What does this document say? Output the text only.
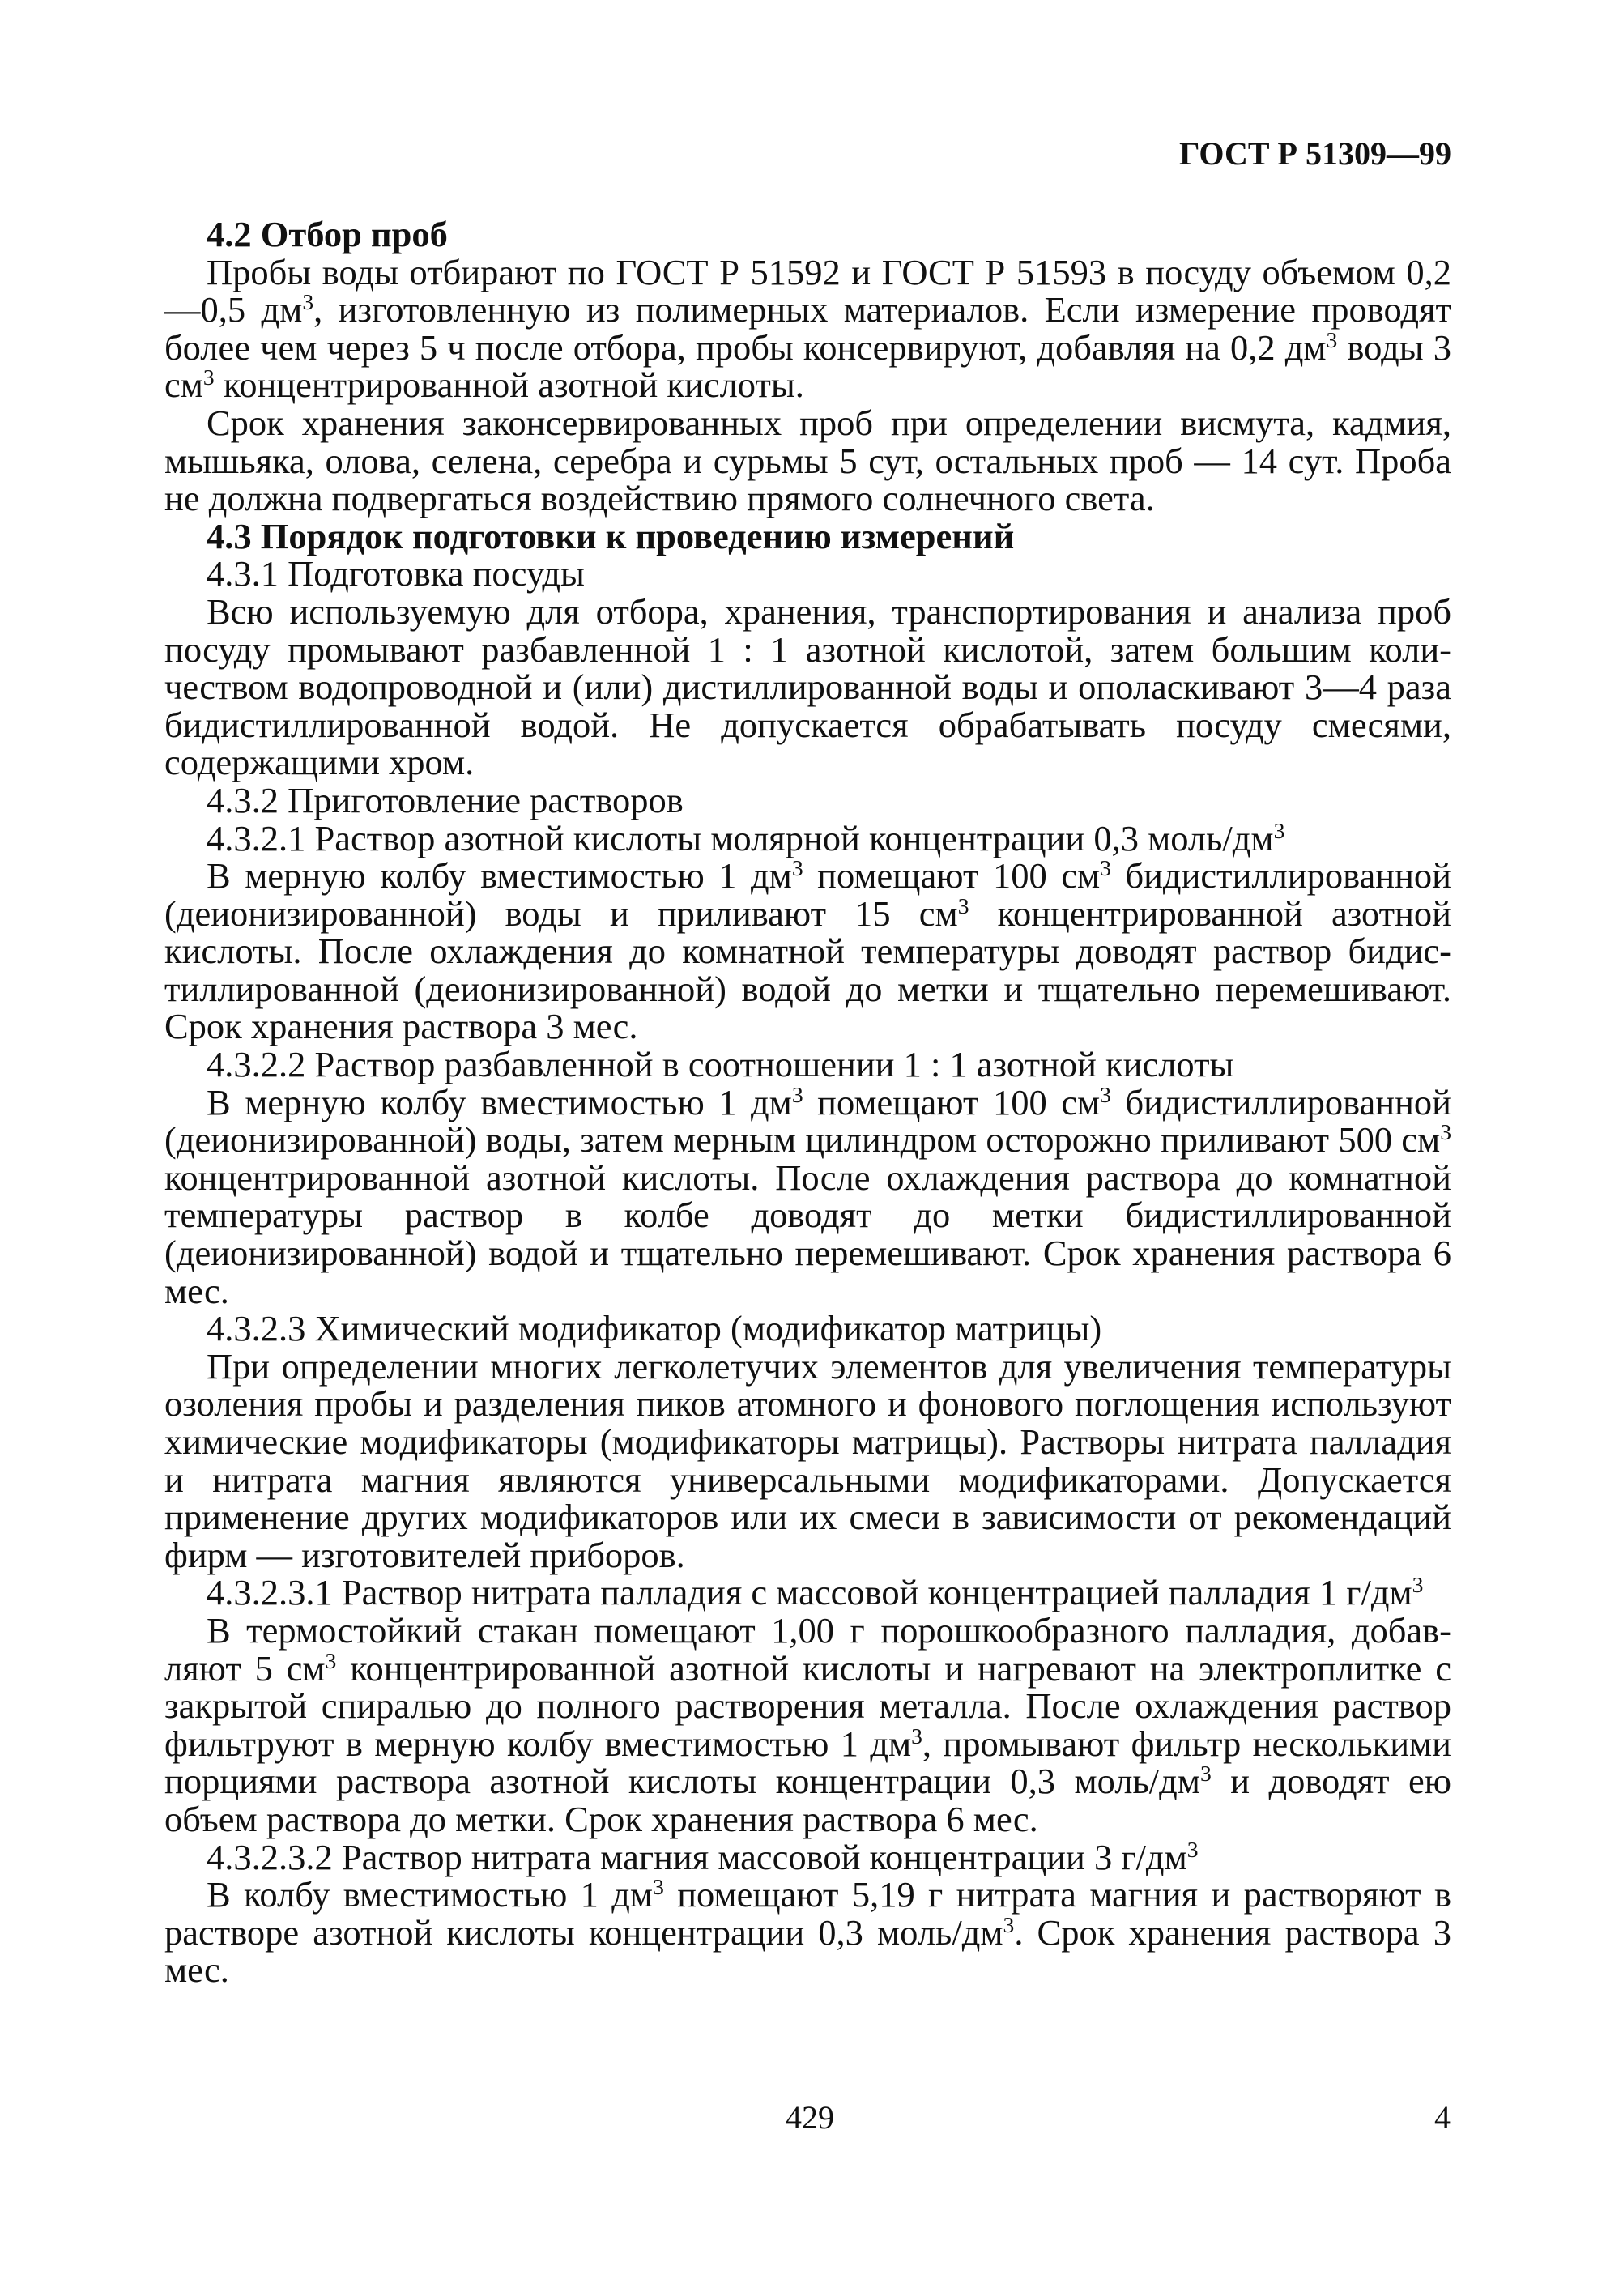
ГОСТ Р 51309—99

4.2 Отбор проб

Пробы воды отбирают по ГОСТ Р 51592 и ГОСТ Р 51593 в посуду объемом 0,2—0,5 $дм^3$, изготовленную из полимерных материалов. Если измерение проводят более чем через 5 ч после отбора, пробы консервируют, добавляя на 0,2 $дм^3$ воды 3 $см^3$ концентрированной азотной кислоты.

Срок хранения законсервированных проб при определении висмута, кадмия, мышьяка, олова, селена, серебра и сурьмы 5 сут, остальных проб — 14 сут. Проба не должна подвергаться воздействию прямого солнечного света.

4.3 Порядок подготовки к проведению измерений

4.3.1 Подготовка посуды

Всю используемую для отбора, хранения, транспортирования и анализа проб посуду промывают разбавленной 1 : 1 азотной кислотой, затем большим количеством водопроводной и (или) дистиллированной воды и ополаскивают 3—4 раза бидистиллированной водой. Не допускается обрабатывать посуду смесями, содержащими хром.

4.3.2 Приготовление растворов

4.3.2.1 Раствор азотной кислоты молярной концентрации 0,3 моль/$дм^3$

В мерную колбу вместимостью 1 $дм^3$ помещают 100 $см^3$ бидистиллированной (деионизированной) воды и приливают 15 $см^3$ концентрированной азотной кислоты. После охлаждения до комнатной температуры доводят раствор бидистиллированной (деионизированной) водой до метки и тщательно перемешивают. Срок хранения раствора 3 мес.

4.3.2.2 Раствор разбавленной в соотношении 1 : 1 азотной кислоты

В мерную колбу вместимостью 1 $дм^3$ помещают 100 $см^3$ бидистиллированной (деионизированной) воды, затем мерным цилиндром осторожно приливают 500 $см^3$ концентрированной азотной кислоты. После охлаждения раствора до комнатной температуры раствор в колбе доводят до метки бидистиллированной (деионизированной) водой и тщательно перемешивают. Срок хранения раствора 6 мес.

4.3.2.3 Химический модификатор (модификатор матрицы)

При определении многих легколетучих элементов для увеличения температуры озоления пробы и разделения пиков атомного и фонового поглощения используют химические модификаторы (модификаторы матрицы). Растворы нитрата палладия и нитрата магния являются универсальными модификаторами. Допускается применение других модификаторов или их смеси в зависимости от рекомендаций фирм — изготовителей приборов.

4.3.2.3.1 Раствор нитрата палладия с массовой концентрацией палладия 1 $г/дм^3$

В термостойкий стакан помещают 1,00 г порошкообразного палладия, добавляют 5 $см^3$ концентрированной азотной кислоты и нагревают на электроплитке с закрытой спиралью до полного растворения металла. После охлаждения раствор фильтруют в мерную колбу вместимостью 1 $дм^3$, промывают фильтр несколькими порциями раствора азотной кислоты концентрации 0,3 моль/$дм^3$ и доводят ею объем раствора до метки. Срок хранения раствора 6 мес.

4.3.2.3.2 Раствор нитрата магния массовой концентрации 3 $г/дм^3$

В колбу вместимостью 1 $дм^3$ помещают 5,19 г нитрата магния и растворяют в растворе азотной кислоты концентрации 0,3 моль/$дм^3$. Срок хранения раствора 3 мес.

429	4
